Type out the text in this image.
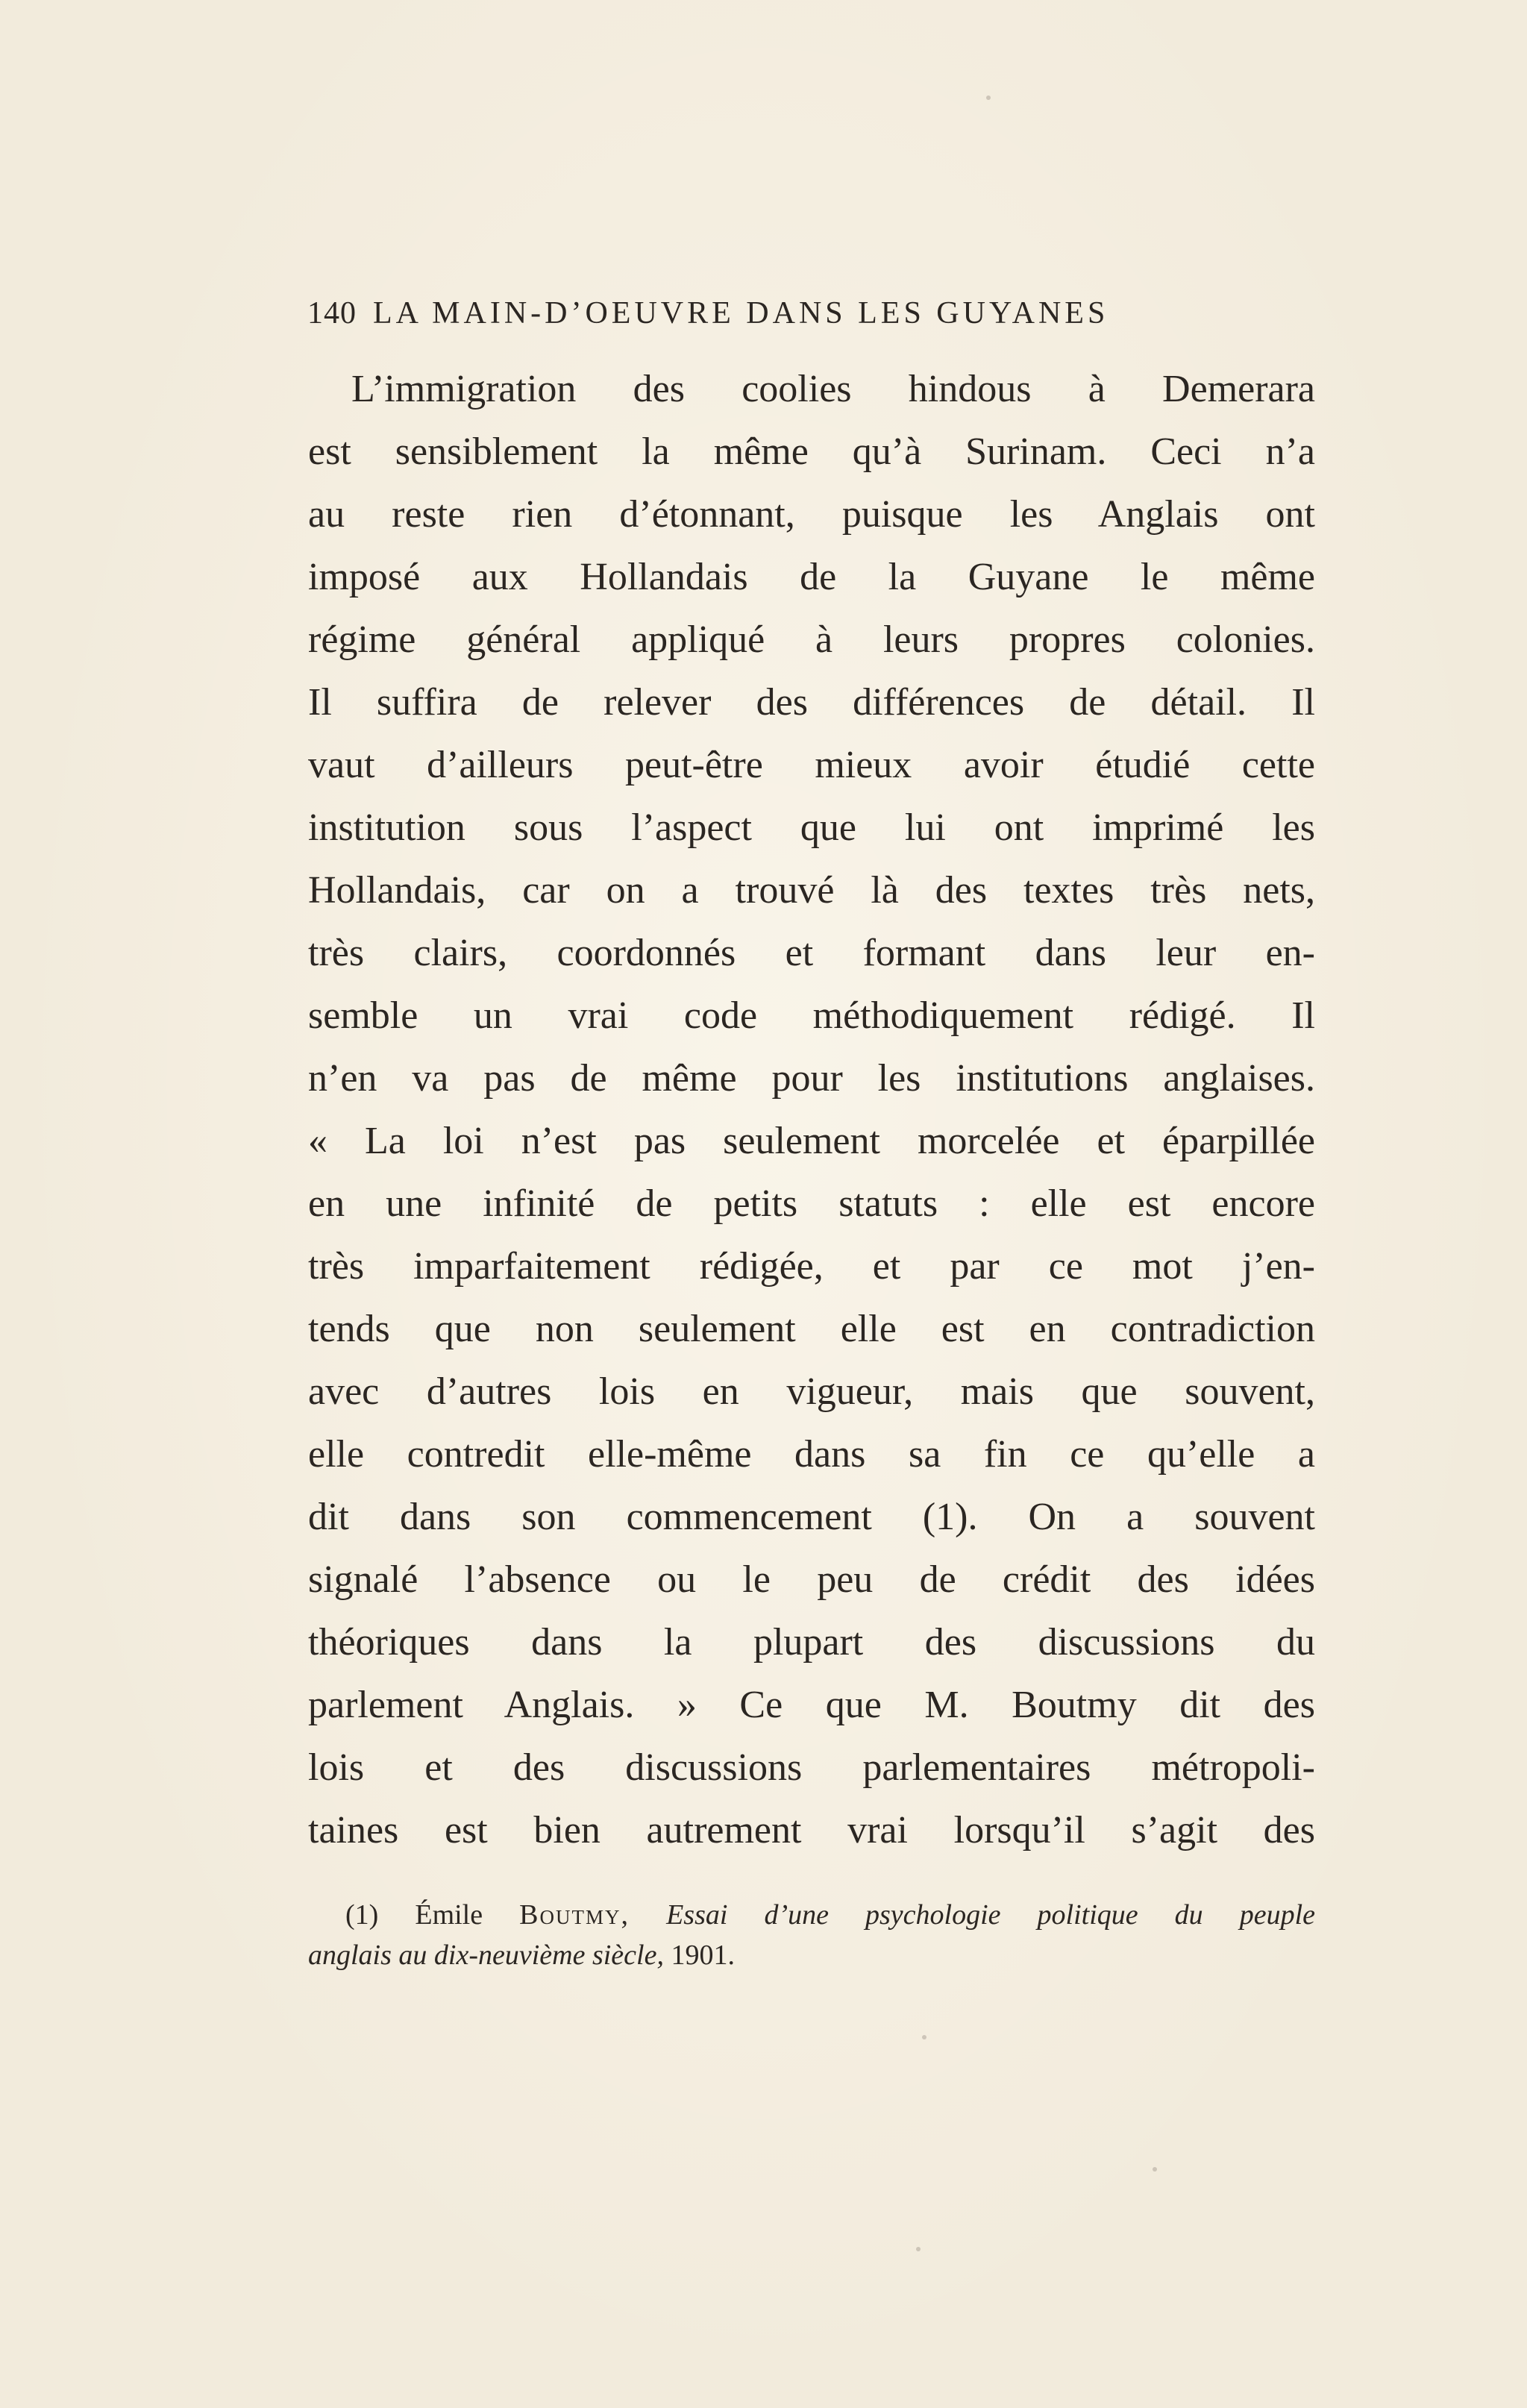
140 LA MAIN-D’OEUVRE DANS LES GUYANES
L’immigration des coolies hindous à Demerara
est sensiblement la même qu’à Surinam. Ceci n’a
au reste rien d’étonnant, puisque les Anglais ont
imposé aux Hollandais de la Guyane le même
régime général appliqué à leurs propres colonies.
Il suffira de relever des différences de détail. Il
vaut d’ailleurs peut-être mieux avoir étudié cette
institution sous l’aspect que lui ont imprimé les
Hollandais, car on a trouvé là des textes très nets,
très clairs, coordonnés et formant dans leur en-
semble un vrai code méthodiquement rédigé. Il
n’en va pas de même pour les institutions anglaises.
« La loi n’est pas seulement morcelée et éparpillée
en une infinité de petits statuts : elle est encore
très imparfaitement rédigée, et par ce mot j’en-
tends que non seulement elle est en contradiction
avec d’autres lois en vigueur, mais que souvent,
elle contredit elle-même dans sa fin ce qu’elle a
dit dans son commencement (1). On a souvent
signalé l’absence ou le peu de crédit des idées
théoriques dans la plupart des discussions du
parlement Anglais. » Ce que M. Boutmy dit des
lois et des discussions parlementaires métropoli-
taines est bien autrement vrai lorsqu’il s’agit des
(1) Émile Boutmy, Essai d’une psychologie politique du peuple
anglais au dix-neuvième siècle, 1901.
